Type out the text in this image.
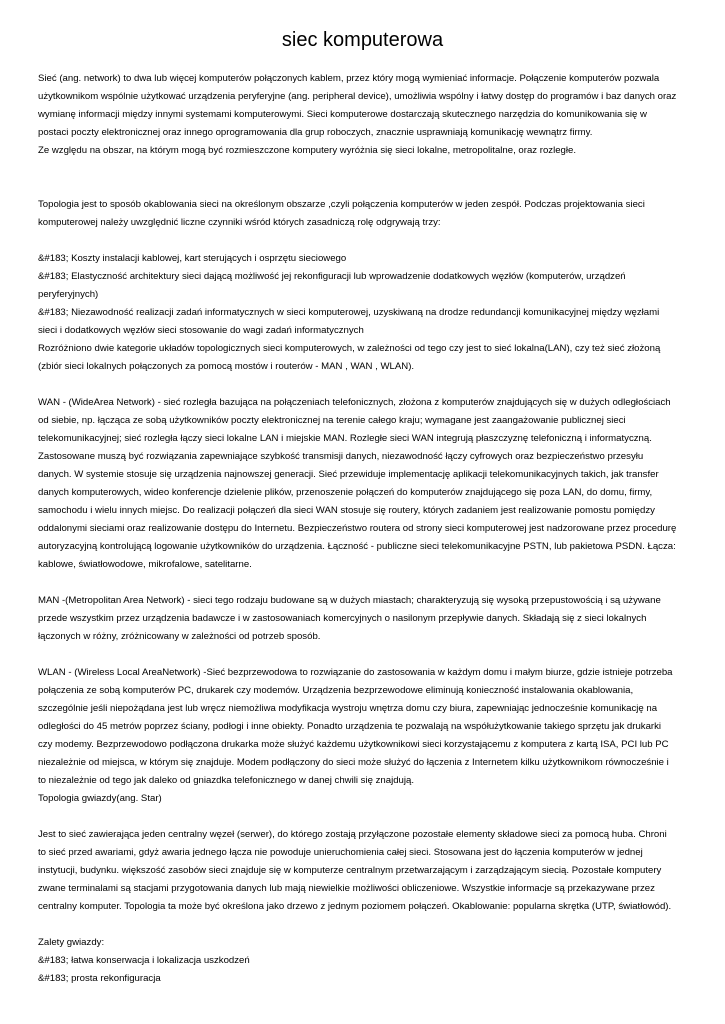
siec komputerowa
Sieć (ang. network) to dwa lub więcej komputerów połączonych kablem, przez który mogą wymieniać informacje. Połączenie komputerów pozwala
użytkownikom wspólnie użytkować urządzenia peryferyjne (ang. peripheral device), umożliwia wspólny i łatwy dostęp do programów i baz danych oraz
wymianę informacji między innymi systemami komputerowymi. Sieci komputerowe dostarczają skutecznego narzędzia do komunikowania się w
postaci poczty elektronicznej oraz innego oprogramowania dla grup roboczych, znacznie usprawniają komunikację wewnątrz firmy.
Ze względu na obszar, na którym mogą być rozmieszczone komputery wyróżnia się sieci lokalne, metropolitalne, oraz rozległe.
Topologia jest to sposób okablowania sieci na określonym obszarze ,czyli połączenia komputerów w jeden zespół. Podczas projektowania sieci
komputerowej należy uwzględnić liczne czynniki wśród których zasadniczą rolę odgrywają trzy:
&#183; Koszty instalacji kablowej, kart sterujących i osprzętu sieciowego
&#183; Elastyczność architektury sieci dającą możliwość jej rekonfiguracji lub wprowadzenie dodatkowych węzłów (komputerów, urządzeń
peryferyjnych)
&#183; Niezawodność realizacji zadań informatycznych w sieci komputerowej, uzyskiwaną na drodze redundancji komunikacyjnej między węzłami
sieci i dodatkowych węzłów sieci stosowanie do wagi zadań informatycznych
Rozróżniono dwie kategorie układów topologicznych sieci komputerowych, w zależności od tego czy jest to sieć lokalna(LAN), czy też sieć złożoną
(zbiór sieci lokalnych połączonych za pomocą mostów i routerów - MAN , WAN , WLAN).
WAN - (WideArea Network) - sieć rozległa bazująca na połączeniach telefonicznych, złożona z komputerów znajdujących się w dużych odległościach
od siebie, np. łącząca ze sobą użytkowników poczty elektronicznej na terenie całego kraju; wymagane jest zaangażowanie publicznej sieci
telekomunikacyjnej; sieć rozległa łączy sieci lokalne LAN i miejskie MAN. Rozległe sieci WAN integrują płaszczyznę telefoniczną i informatyczną.
Zastosowane muszą być rozwiązania zapewniające szybkość transmisji danych, niezawodność łączy cyfrowych oraz bezpieczeństwo przesyłu
danych. W systemie stosuje się urządzenia najnowszej generacji. Sieć przewiduje implementację aplikacji telekomunikacyjnych takich, jak transfer
danych komputerowych, wideo konferencje dzielenie plików, przenoszenie połączeń do komputerów znajdującego się poza LAN, do domu, firmy,
samochodu i wielu innych miejsc. Do realizacji połączeń dla sieci WAN stosuje się routery, których zadaniem jest realizowanie pomostu pomiędzy
oddalonymi sieciami oraz realizowanie dostępu do Internetu. Bezpieczeństwo routera od strony sieci komputerowej jest nadzorowane przez procedurę
autoryzacyjną kontrolującą logowanie użytkowników do urządzenia. Łączność - publiczne sieci telekomunikacyjne PSTN, lub pakietowa PSDN. Łącza:
kablowe, światłowodowe, mikrofalowe, satelitarne.
MAN -(Metropolitan Area Network) - sieci tego rodzaju budowane są w dużych miastach; charakteryzują się wysoką przepustowością i są używane
przede wszystkim przez urządzenia badawcze i w zastosowaniach komercyjnych o nasilonym przepływie danych. Składają się z sieci lokalnych
łączonych w różny, zróżnicowany w zależności od potrzeb sposób.
WLAN - (Wireless Local AreaNetwork) -Sieć bezprzewodowa to rozwiązanie do zastosowania w każdym domu i małym biurze, gdzie istnieje potrzeba
połączenia ze sobą komputerów PC, drukarek czy modemów. Urządzenia bezprzewodowe eliminują konieczność instalowania okablowania,
szczególnie jeśli niepożądana jest lub wręcz niemożliwa modyfikacja wystroju wnętrza domu czy biura, zapewniając jednocześnie komunikację na
odległości do 45 metrów poprzez ściany, podłogi i inne obiekty. Ponadto urządzenia te pozwalają na współużytkowanie takiego sprzętu jak drukarki
czy modemy. Bezprzewodowo podłączona drukarka może służyć każdemu użytkownikowi sieci korzystającemu z komputera z kartą ISA, PCI lub PC
niezależnie od miejsca, w którym się znajduje. Modem podłączony do sieci może służyć do łączenia z Internetem kilku użytkownikom równocześnie i
to niezależnie od tego jak daleko od gniazdka telefonicznego w danej chwili się znajdują.
Topologia gwiazdy(ang. Star)
Jest to sieć zawierająca jeden centralny węzeł (serwer), do którego zostają przyłączone pozostałe elementy składowe sieci za pomocą huba. Chroni
to sieć przed awariami, gdyż awaria jednego łącza nie powoduje unieruchomienia całej sieci. Stosowana jest do łączenia komputerów w jednej
instytucji, budynku. większość zasobów sieci znajduje się w komputerze centralnym przetwarzającym i zarządzającym siecią. Pozostałe komputery
zwane terminalami są stacjami przygotowania danych lub mają niewielkie możliwości obliczeniowe. Wszystkie informacje są przekazywane przez
centralny komputer. Topologia ta może być określona jako drzewo z jednym poziomem połączeń. Okablowanie: popularna skrętka (UTP, światłowód).
Zalety gwiazdy:
&#183; łatwa konserwacja i lokalizacja uszkodzeń
&#183; prosta rekonfiguracja
